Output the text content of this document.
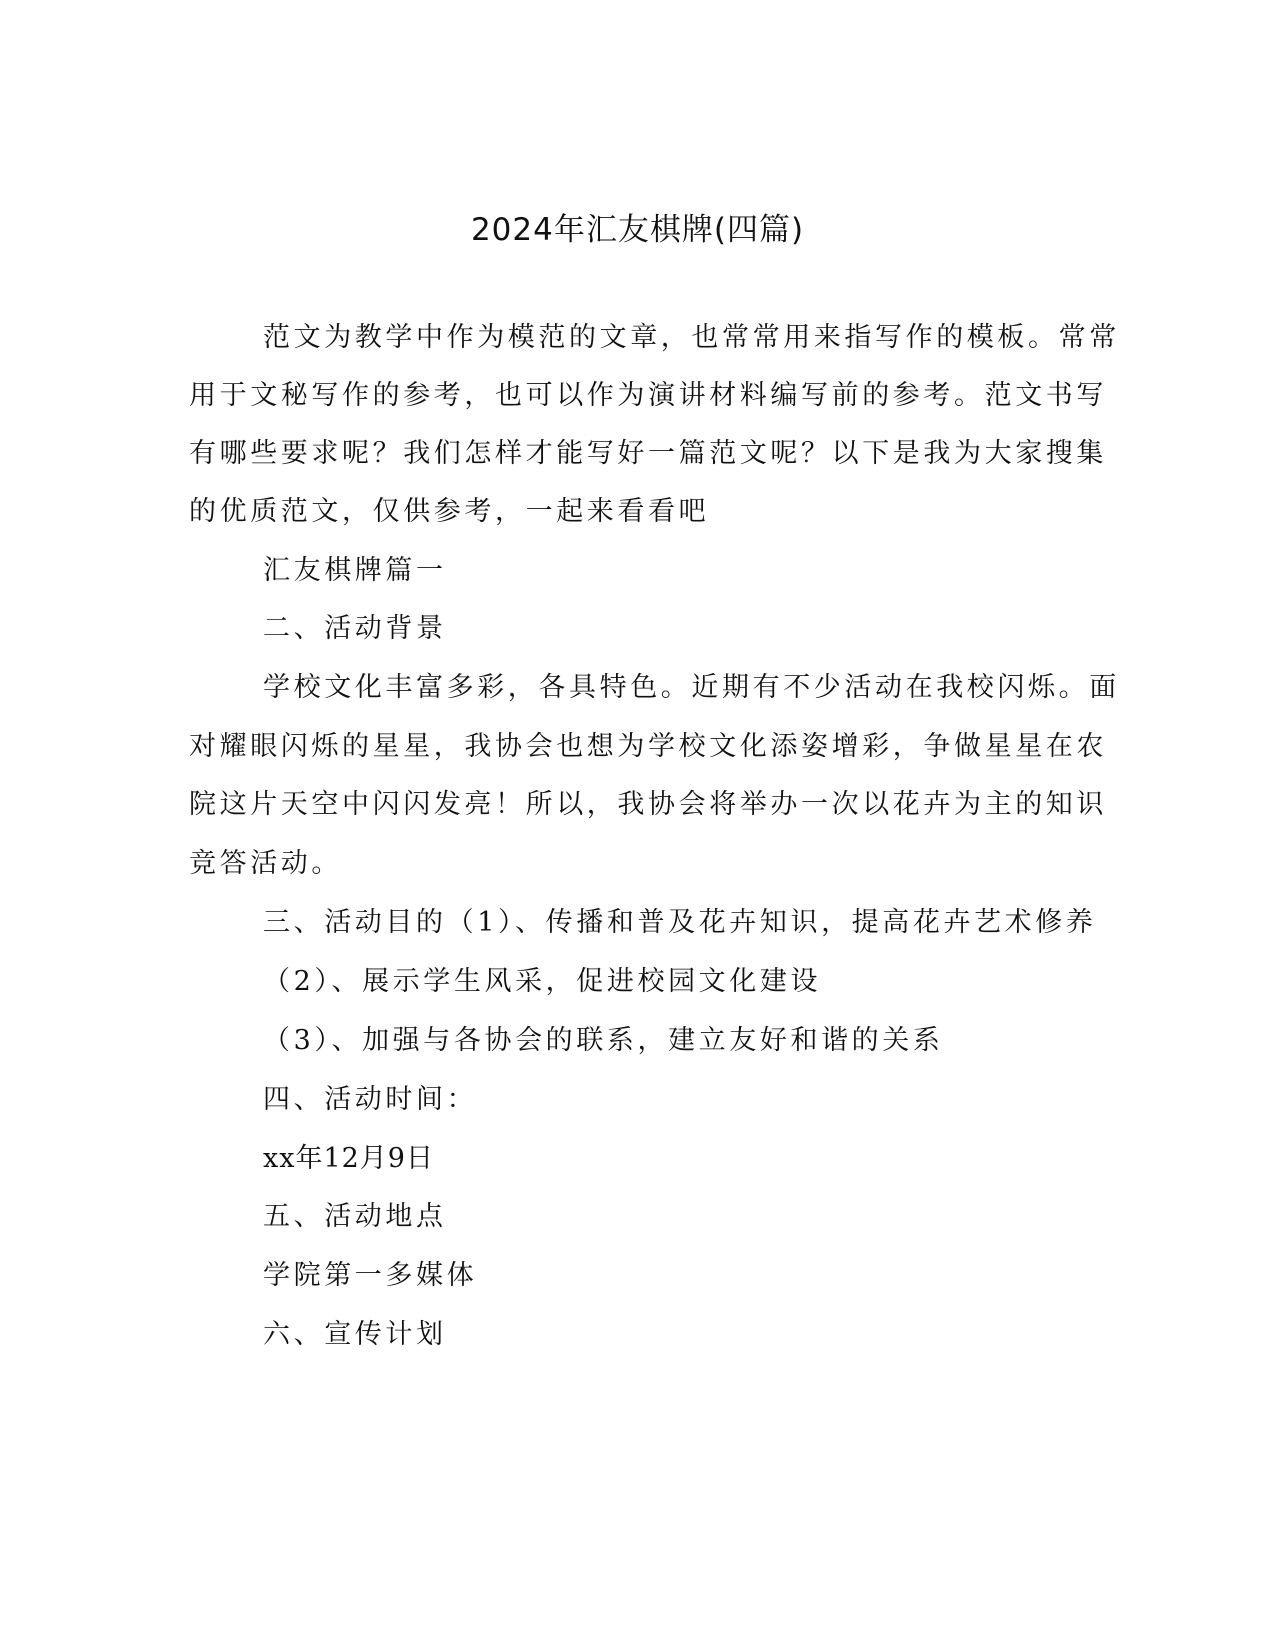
2024年汇友棋牌(四篇)
范文为教学中作为模范的文章，也常常用来指写作的模板。常常
用于文秘写作的参考，也可以作为演讲材料编写前的参考。范文书写
有哪些要求呢？我们怎样才能写好一篇范文呢？以下是我为大家搜集
的优质范文，仅供参考，一起来看看吧
汇友棋牌篇一
二、活动背景
学校文化丰富多彩，各具特色。近期有不少活动在我校闪烁。面
对耀眼闪烁的星星，我协会也想为学校文化添姿增彩，争做星星在农
院这片天空中闪闪发亮！所以，我协会将举办一次以花卉为主的知识
竞答活动。
三、活动目的（1）、传播和普及花卉知识，提高花卉艺术修养
（2）、展示学生风采，促进校园文化建设
（3）、加强与各协会的联系，建立友好和谐的关系
四、活动时间：
xx年12月9日
五、活动地点
学院第一多媒体
六、宣传计划
